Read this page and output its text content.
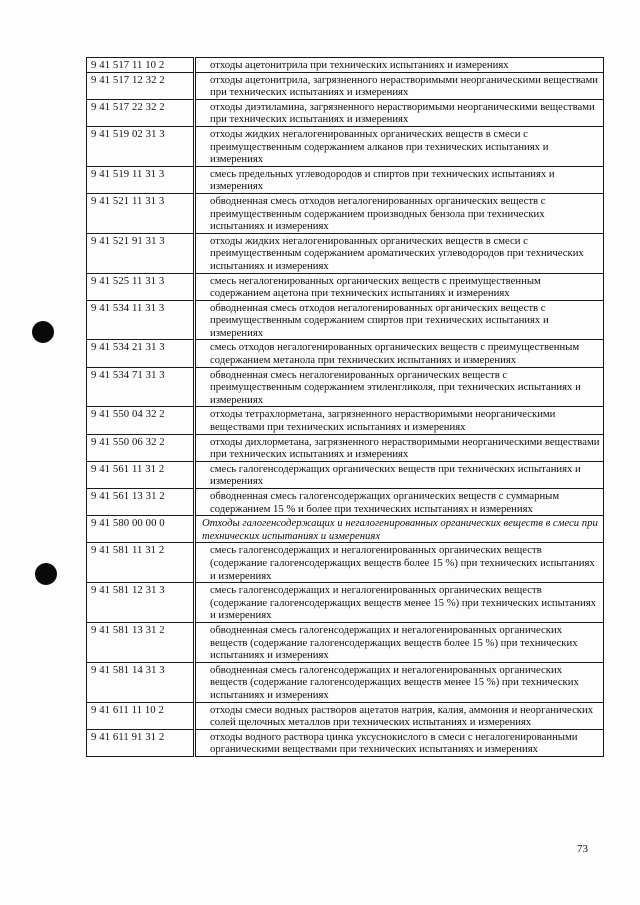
9 41 517 11 10 2	отходы ацетонитрила при технических испытаниях и измерениях
9 41 517 12 32 2	отходы ацетонитрила, загрязненного нерастворимыми неорганическими веществами при технических испытаниях и измерениях
9 41 517 22 32 2	отходы диэтиламина, загрязненного нерастворимыми неорганическими веществами при технических испытаниях и измерениях
9 41 519 02 31 3	отходы жидких негалогенированных органических веществ в смеси с преимущественным содержанием алканов при технических испытаниях и измерениях
9 41 519 11 31 3	смесь предельных углеводородов и спиртов при технических испытаниях и измерениях
9 41 521 11 31 3	обводненная смесь отходов негалогенированных органических веществ с преимущественным содержанием производных бензола при технических испытаниях и измерениях
9 41 521 91 31 3	отходы жидких негалогенированных органических веществ в смеси с преимущественным содержанием ароматических углеводородов при технических испытаниях и измерениях
9 41 525 11 31 3	смесь негалогенированных органических веществ с преимущественным содержанием ацетона при технических испытаниях и измерениях
9 41 534 11 31 3	обводненная смесь отходов негалогенированных органических веществ с преимущественным содержанием спиртов при технических испытаниях и измерениях
9 41 534 21 31 3	смесь отходов негалогенированных органических веществ с преимущественным содержанием метанола при технических испытаниях и измерениях
9 41 534 71 31 3	обводненная смесь негалогенированных органических веществ с преимущественным содержанием этиленгликоля, при технических испытаниях и измерениях
9 41 550 04 32 2	отходы тетрахлорметана, загрязненного нерастворимыми неорганическими веществами при технических испытаниях и измерениях
9 41 550 06 32 2	отходы дихлорметана, загрязненного нерастворимыми неорганическими веществами при технических испытаниях и измерениях
9 41 561 11 31 2	смесь галогенсодержащих органических веществ при технических испытаниях и измерениях
9 41 561 13 31 2	обводненная смесь галогенсодержащих органических веществ с суммарным содержанием 15 % и более при технических испытаниях и измерениях
9 41 580 00 00 0	Отходы галогенсодержащих и негалогенированных органических веществ в смеси при технических испытаниях и измерениях
9 41 581 11 31 2	смесь галогенсодержащих и негалогенированных органических веществ (содержание галогенсодержащих веществ более 15 %) при технических испытаниях и измерениях
9 41 581 12 31 3	смесь галогенсодержащих и негалогенированных органических веществ (содержание галогенсодержащих веществ менее 15 %) при технических испытаниях и измерениях
9 41 581 13 31 2	обводненная смесь галогенсодержащих и негалогенированных органических веществ (содержание галогенсодержащих веществ более 15 %) при технических испытаниях и измерениях
9 41 581 14 31 3	обводненная смесь галогенсодержащих и негалогенированных органических веществ (содержание галогенсодержащих веществ менее 15 %) при технических испытаниях и измерениях
9 41 611 11 10 2	отходы смеси водных растворов ацетатов натрия, калия, аммония и неорганических солей щелочных металлов при технических испытаниях и измерениях
9 41 611 91 31 2	отходы водного раствора цинка уксуснокислого в смеси с негалогенированными органическими веществами при технических испытаниях и измерениях
73
